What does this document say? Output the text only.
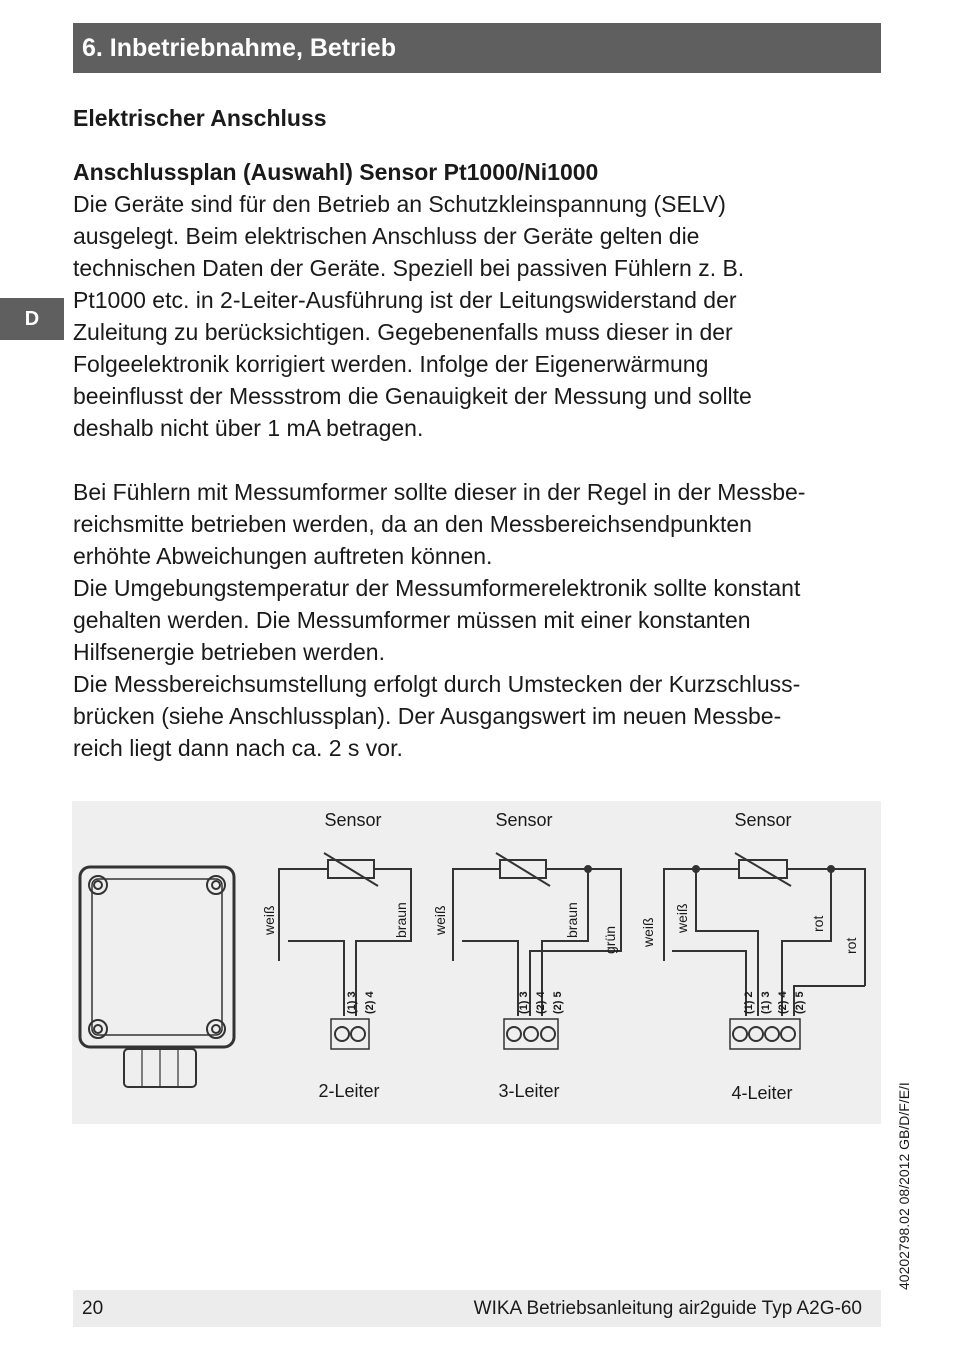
6. Inbetriebnahme, Betrieb
D
Elektrischer Anschluss

Anschlussplan (Auswahl) Sensor Pt1000/Ni1000

Die Geräte sind für den Betrieb an Schutzkleinspannung (SELV)

ausgelegt. Beim elektrischen Anschluss der Geräte gelten die

technischen Daten der Geräte. Speziell bei passiven Fühlern z. B.

Pt1000 etc. in 2-Leiter-Ausführung ist der Leitungswiderstand der

Zuleitung zu berücksichtigen. Gegebenenfalls muss dieser in der

Folgeelektronik korrigiert werden. Infolge der Eigenerwärmung

beeinflusst der Messstrom die Genauigkeit der Messung und sollte

deshalb nicht über 1 mA betragen.

Bei Fühlern mit Messumformer sollte dieser in der Regel in der Messbe-

reichsmitte betrieben werden, da an den Messbereichsendpunkten

erhöhte Abweichungen auftreten können.

Die Umgebungstemperatur der Messumformerelektronik sollte konstant

gehalten werden. Die Messumformer müssen mit einer konstanten

Hilfsenergie betrieben werden.

Die Messbereichsumstellung erfolgt durch Umstecken der Kurzschluss-

brücken (siehe Anschlussplan). Der Ausgangswert im neuen Messbe-

reich liegt dann nach ca. 2 s vor.

Sensor	Sensor	Sensor
2-Leiter	3-Leiter	4-Leiter
weiß	braun weiß	braun
grün weiß weiß	rot
rot
(1) 3 (2) 4	(1) 3 (2) 4 (2) 5	(1) 2 (1) 3 (2) 4 (2) 5
40202798.02 08/2012 GB/D/F/E/I
20	WIKA Betriebsanleitung air2guide Typ A2G-60
